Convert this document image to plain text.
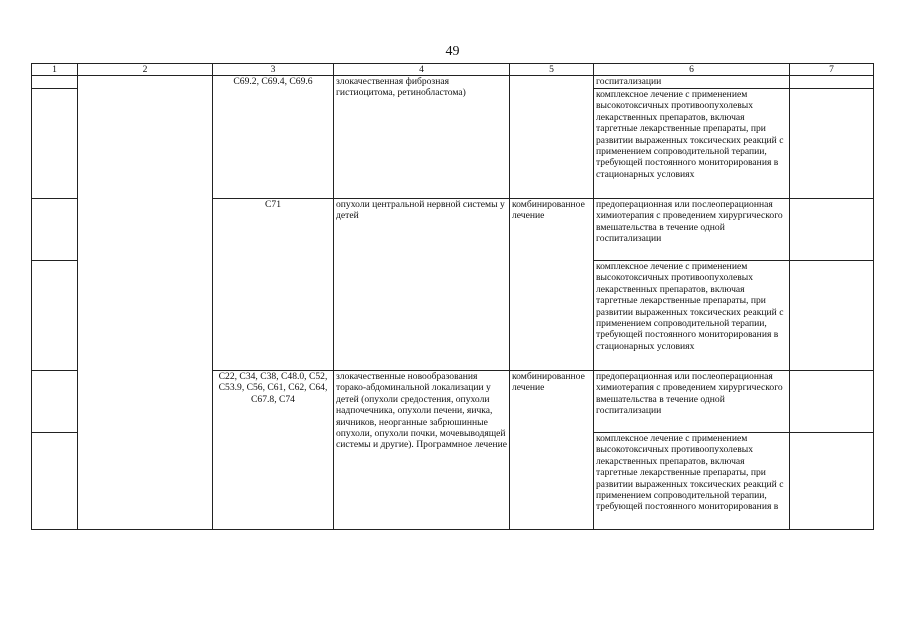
49
1	2	3	4	5	6	7
		C69.2, C69.4, C69.6	злокачественная фиброзная гистиоцитома, ретинобластома)		госпитализации	
					комплексное лечение с применением высокотоксичных противоопухолевых лекарственных препаратов, включая таргетные лекарственные препараты, при развитии выраженных токсических реакций с применением сопроводительной терапии, требующей постоянного мониторирования в стационарных условиях	
		C71	опухоли центральной нервной системы у детей	комбинированное лечение	предоперационная или послеоперационная химиотерапия с проведением хирургического вмешательства в течение одной госпитализации	
					комплексное лечение с применением высокотоксичных противоопухолевых лекарственных препаратов, включая таргетные лекарственные препараты, при развитии выраженных токсических реакций с применением сопроводительной терапии, требующей постоянного мониторирования в стационарных условиях	
		C22, C34, C38, C48.0, C52, C53.9, C56, C61, C62, C64, C67.8, C74	злокачественные новообразования торако-абдоминальной локализации у детей (опухоли средостения, опухоли надпочечника, опухоли печени, яичка, яичников, неорганные забрюшинные опухоли, опухоли почки, мочевыводящей системы и другие). Программное лечение	комбинированное лечение	предоперационная или послеоперационная химиотерапия с проведением хирургического вмешательства в течение одной госпитализации	
					комплексное лечение с применением высокотоксичных противоопухолевых лекарственных препаратов, включая таргетные лекарственные препараты, при развитии выраженных токсических реакций с применением сопроводительной терапии, требующей постоянного мониторирования в	
